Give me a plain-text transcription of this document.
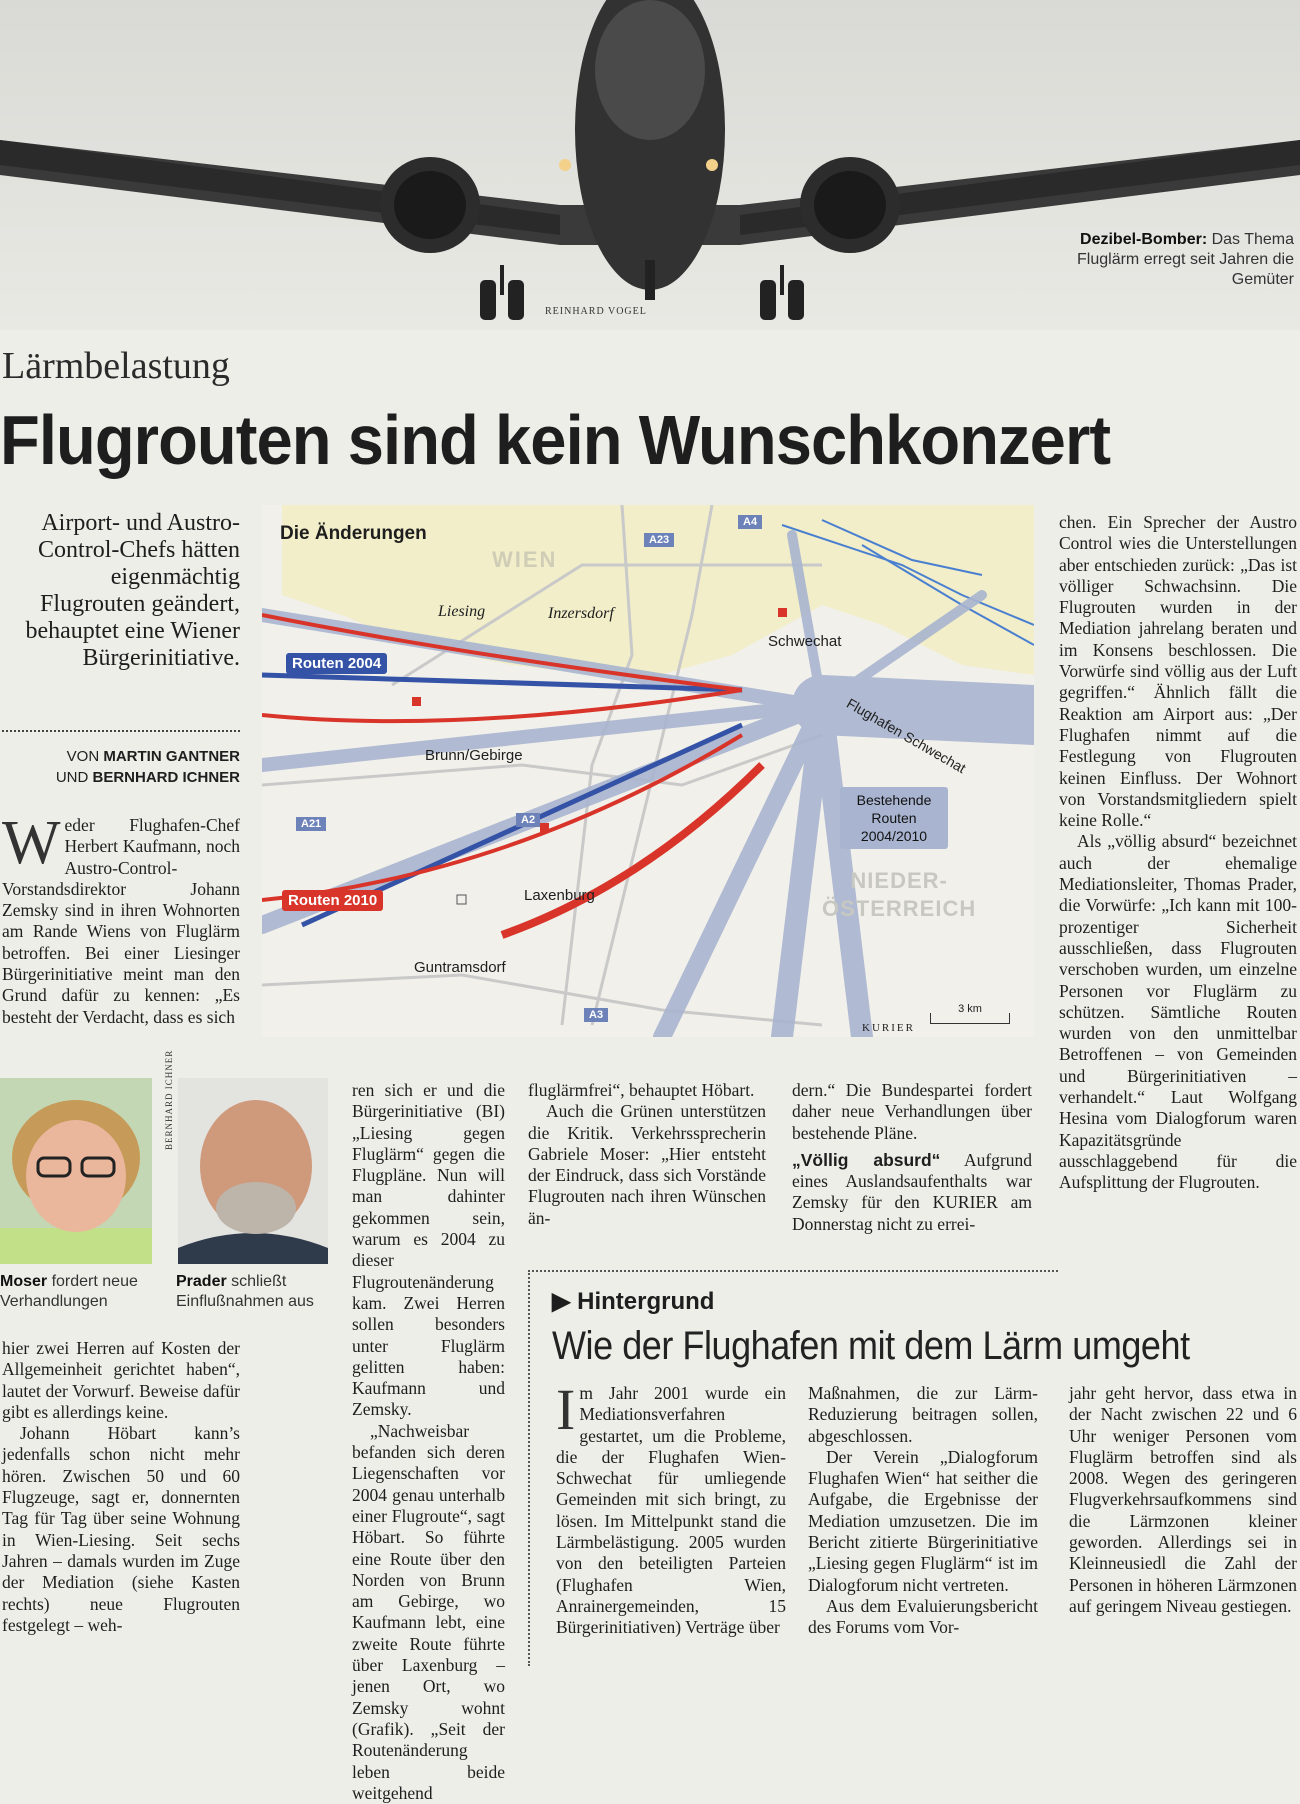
REINHARD VOGEL
Dezibel-Bomber: Das Thema Fluglärm erregt seit Jahren die Gemüter
Lärmbelastung
Flugrouten sind kein Wunschkonzert
Airport- und Austro-Control-Chefs hätten eigenmächtig Flugrouten geändert, behauptet eine Wiener Bürgerinitiative.
VON MARTIN GANTNER
UND BERNHARD ICHNER
W eder Flughafen-Chef Herbert Kaufmann, noch Austro-Control-Vorstandsdirektor Johann Zemsky sind in ihren Wohnorten am Rande Wiens von Fluglärm betroffen. Bei einer Liesinger Bürgerinitiative meint man den Grund dafür zu kennen: „Es besteht der Verdacht, dass es sich
Die Änderungen
WIEN
NIEDER-
ÖSTERREICH
Liesing	Inzersdorf
Schwechat
Flughafen Schwechat
Brunn/Gebirge
Laxenburg
Guntramsdorf
A4
A23
A21	A2
A3
Routen 2004
Routen 2010
Bestehende Routen 2004/2010
KURIER
3 km

chen. Ein Sprecher der Austro Control wies die Unterstellungen aber entschieden zurück: „Das ist völliger Schwachsinn. Die Flugrouten wurden in der Mediation jahrelang beraten und im Konsens beschlossen. Die Vorwürfe sind völlig aus der Luft gegriffen.“ Ähnlich fällt die Reaktion am Airport aus: „Der Flughafen nimmt auf die Festlegung von Flugrouten keinen Einfluss. Der Wohnort von Vorstandsmitgliedern spielt keine Rolle.“

Als „völlig absurd“ bezeichnet auch der ehemalige Mediationsleiter, Thomas Prader, die Vorwürfe: „Ich kann mit 100-prozentiger Sicherheit ausschließen, dass Flugrouten verschoben wurden, um einzelne Personen vor Fluglärm zu schützen. Sämtliche Routen wurden von den unmittelbar Betroffenen – von Gemeinden und Bürgerinitiativen – verhandelt.“ Laut Wolfgang Hesina vom Dialogforum waren Kapazitätsgründe ausschlaggebend für die Aufsplittung der Flugrouten.

BERNHARD ICHNER
Moser fordert neue Verhandlungen
Prader schließt Einflußnahmen aus

hier zwei Herren auf Kosten der Allgemeinheit gerichtet haben“, lautet der Vorwurf. Beweise dafür gibt es allerdings keine.

Johann Höbart kann’s jedenfalls schon nicht mehr hören. Zwischen 50 und 60 Flugzeuge, sagt er, donnernten Tag für Tag über seine Wohnung in Wien-Liesing. Seit sechs Jahren – damals wurden im Zuge der Mediation (siehe Kasten rechts) neue Flugrouten festgelegt – weh-

ren sich er und die Bürgerinitiative (BI) „Liesing gegen Fluglärm“ gegen die Flugpläne. Nun will man dahinter gekommen sein, warum es 2004 zu dieser Flugroutenänderung kam. Zwei Herren sollen besonders unter Fluglärm gelitten haben: Kaufmann und Zemsky.

„Nachweisbar befanden sich deren Liegenschaften vor 2004 genau unterhalb einer Flugroute“, sagt Höbart. So führte eine Route über den Norden von Brunn am Gebirge, wo Kaufmann lebt, eine zweite Route führte über Laxenburg – jenen Ort, wo Zemsky wohnt (Grafik). „Seit der Routenänderung leben beide weitgehend

fluglärmfrei“, behauptet Höbart.

Auch die Grünen unterstützen die Kritik. Verkehrssprecherin Gabriele Moser: „Hier entsteht der Eindruck, dass sich Vorstände Flugrouten nach ihren Wünschen än-

dern.“ Die Bundespartei fordert daher neue Verhandlungen über bestehende Pläne.

„Völlig absurd“ Aufgrund eines Auslandsaufenthalts war Zemsky für den KURIER am Donnerstag nicht zu errei-

▶ Hintergrund
Wie der Flughafen mit dem Lärm umgeht
I m Jahr 2001 wurde ein Mediationsverfahren gestartet, um die Probleme, die der Flughafen Wien-Schwechat für umliegende Gemeinden mit sich bringt, zu lösen. Im Mittelpunkt stand die Lärmbelästigung. 2005 wurden von den beteiligten Parteien (Flughafen Wien, Anrainergemeinden, 15 Bürgerinitiativen) Verträge über

Maßnahmen, die zur Lärm-Reduzierung beitragen sollen, abgeschlossen.

Der Verein „Dialogforum Flughafen Wien“ hat seither die Aufgabe, die Ergebnisse der Mediation umzusetzen. Die im Bericht zitierte Bürgerinitiative „Liesing gegen Fluglärm“ ist im Dialogforum nicht vertreten.

Aus dem Evaluierungsbericht des Forums vom Vor-

jahr geht hervor, dass etwa in der Nacht zwischen 22 und 6 Uhr weniger Personen vom Fluglärm betroffen sind als 2008. Wegen des geringeren Flugverkehrsaufkommens sind die Lärmzonen kleiner geworden. Allerdings sei in Kleinneusiedl die Zahl der Personen in höheren Lärmzonen auf geringem Niveau gestiegen.
